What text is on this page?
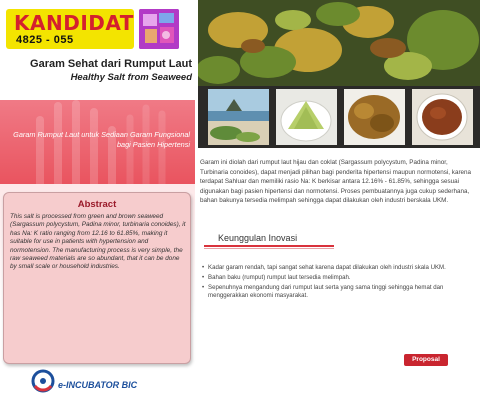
KANDIDAT
4825 - 055
Garam Sehat dari Rumput Laut
Healthy Salt from Seaweed
Garam Rumput Laut untuk Sediaan Garam Fungsional bagi Pasien Hipertensi
Abstract
This salt is processed from green and brown seaweed (Sargassum polycystum, Padina minor, turbinaria conoides), it has Na: K ratio ranging from 12.16 to 61.85%, making it suitable for use in patients with hypertension and normotension. The manufacturing process is very simple, the raw seaweed materials are so abundant, that it can be done by small scale or household industries.
e-INCUBATOR BIC
Garam ini diolah dari rumput laut hijau dan coklat (Sargassum polycystum, Padina minor, Turbinaria conoides), dapat menjadi pilihan bagi penderita hipertensi maupun normotensi, karena terdapat Sahluar dan memiliki rasio Na: K berkisar antara 12.16% - 61.85%, sehingga sesuai digunakan bagi pasien hipertensi dan normotensi. Proses pembuatannya juga cukup sederhana, bahan bakunya tersedia melimpah sehingga dapat dilakukan oleh industri berskala UKM.
Keunggulan Inovasi
• Kadar garam rendah, tapi sangat sehat karena dapat dilakukan oleh industri skala UKM.
• Bahan baku (rumput) rumput laut tersedia melimpah.
• Sepenuhnya mengandung dari rumput laut serta yang sama tinggi sehingga hemat dan menggerakkan ekonomi masyarakat.
Proposal
